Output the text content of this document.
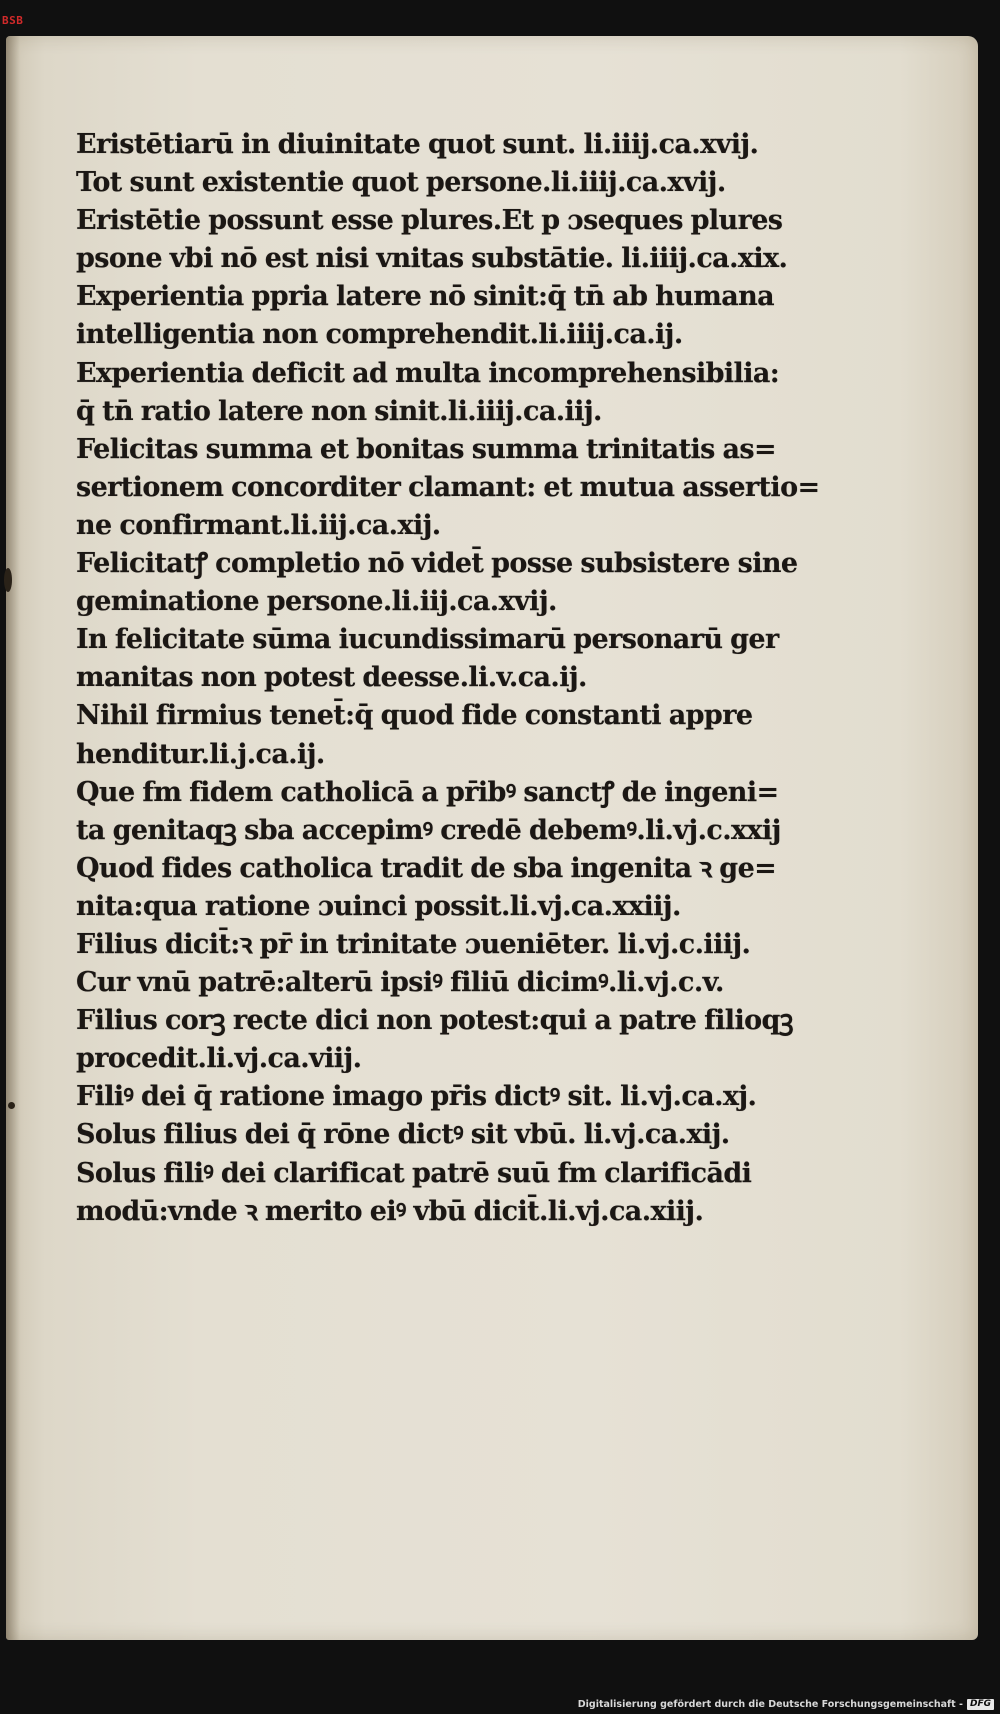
BSB
Eristētiarū in diuinitate quot sunt. li.iiij.ca.xvij.
Tot sunt existentie quot persone.li.iiij.ca.xvij.
Eristētie possunt esse plures.Et p ɔseques plures
psone vbi nō est nisi vnitas substātie. li.iiij.ca.xix.
Experientia ppria latere nō sinit:q̄ tn̄ ab humana
intelligentia non comprehendit.li.iiij.ca.ij.
Experientia deficit ad multa incomprehensibilia:
q̄ tn̄ ratio latere non sinit.li.iiij.ca.iij.
Felicitas summa et bonitas summa trinitatis as=
sertionem concorditer clamant: et mutua assertio=
ne confirmant.li.iij.ca.xij.
Felicitatꝭ completio nō videt̄ posse subsistere sine
geminatione persone.li.iij.ca.xvij.
In felicitate sūma iucundissimarū personarū ger
manitas non potest deesse.li.v.ca.ij.
Nihil firmius tenet̄:q̄ quod fide constanti appre
henditur.li.j.ca.ij.
Que fm fidem catholicā a pr̄ibꝰ sanctꝭ de ingeni=
ta genitaqꝫ sba accepimꝰ credē debemꝰ.li.vj.c.xxij
Quod fides catholica tradit de sba ingenita ꝛ ge=
nita:qua ratione ɔuinci possit.li.vj.ca.xxiij.
Filius dicit̄:ꝛ pr̄ in trinitate ɔueniēter. li.vj.c.iiij.
Cur vnū patrē:alterū ipsiꝰ filiū dicimꝰ.li.vj.c.v.
Filius corꝫ recte dici non potest:qui a patre filioqꝫ
procedit.li.vj.ca.viij.
Filiꝰ dei q̄ ratione imago pr̄is dictꝰ sit. li.vj.ca.xj.
Solus filius dei q̄ rōne dictꝰ sit vbū. li.vj.ca.xij.
Solus filiꝰ dei clarificat patrē suū fm clarificādi
modū:vnde ꝛ merito eiꝰ vbū dicit̄.li.vj.ca.xiij.
Digitalisierung gefördert durch die Deutsche Forschungsgemeinschaft - DFG
